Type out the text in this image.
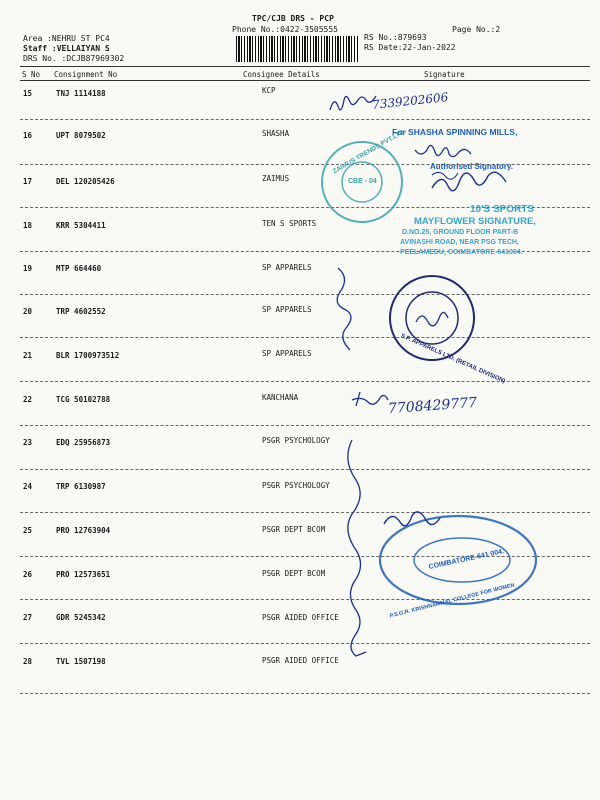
TPC/CJB DRS - PCP
Phone No.:0422-3505555	Page No.:2
Area :NEHRU ST PC4
Staff :VELLAIYAN S
DRS No. :DCJB87969302
RS No.:879693
RS Date:22-Jan-2022
S No Consignment No	Consignee Details	Signature
15	TNJ 1114188	KCP
16	UPT 8079502	SHASHA
17	DEL 120205426	ZAIMUS
18	KRR 5304411	TEN S SPORTS
19	MTP 664460	SP APPARELS
20	TRP 4602552	SP APPARELS
21	BLR 1700973512	SP APPARELS
22	TCG 50102788	KANCHANA
23	EDQ 25956873	PSGR PSYCHOLOGY
24	TRP 6130987	PSGR PSYCHOLOGY
25	PRO 12763904	PSGR DEPT BCOM
26	PRO 12573651	PSGR DEPT BCOM
27	GDR 5245342	PSGR AIDED OFFICE
28	TVL 1507198	PSGR AIDED OFFICE
7339202606
7708429777
For SHASHA SPINNING MILLS,
Authorised Signatory.
ZAIMUS TRENDS PVT.LTD.
CBE - 04
10'S SPORTS
MAYFLOWER SIGNATURE,
D.NO.25, GROUND FLOOR PART-B
AVINASHI ROAD, NEAR PSG TECH,
PEELAMEDU, COIMBATORE-641004.
S.P. APPARELS LTD. (RETAIL DIVISION)
P.S.G.R. KRISHNAMMAL COLLEGE FOR WOMEN
COIMBATORE-641 004.
